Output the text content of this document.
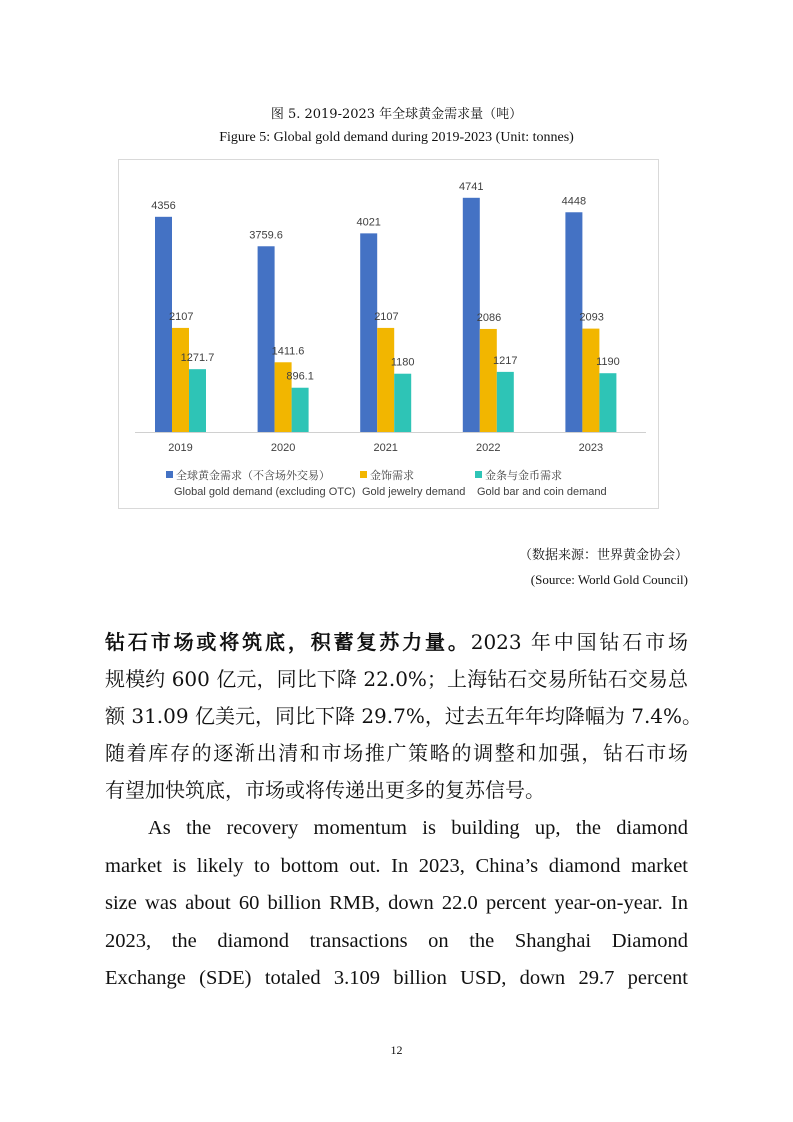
图 5. 2019-2023 年全球黄金需求量（吨）
Figure 5: Global gold demand during 2019-2023 (Unit: tonnes)
4356
2107
1271.7
2019
3759.6
1411.6
896.1
2020
4021
2107
1180
2021
4741
2086
1217
2022
4448
2093
1190
2023
全球黄金需求（不含场外交易）
Global gold demand (excluding OTC)
金饰需求
Gold jewelry demand
金条与金币需求
Gold bar and coin demand
（数据来源：世界黄金协会）
(Source: World Gold Council)
钻石市场或将筑底，积蓄复苏力量。2023 年中国钻石市场
规模约 600 亿元，同比下降 22.0%；上海钻石交易所钻石交易总
额 31.09 亿美元，同比下降 29.7%，过去五年年均降幅为 7.4%。
随着库存的逐渐出清和市场推广策略的调整和加强，钻石市场
有望加快筑底，市场或将传递出更多的复苏信号。
As the recovery momentum is building up, the diamond
market is likely to bottom out. In 2023, China’s diamond market
size was about 60 billion RMB, down 22.0 percent year-on-year. In
2023, the diamond transactions on the Shanghai Diamond
Exchange (SDE) totaled 3.109 billion USD, down 29.7 percent
12
